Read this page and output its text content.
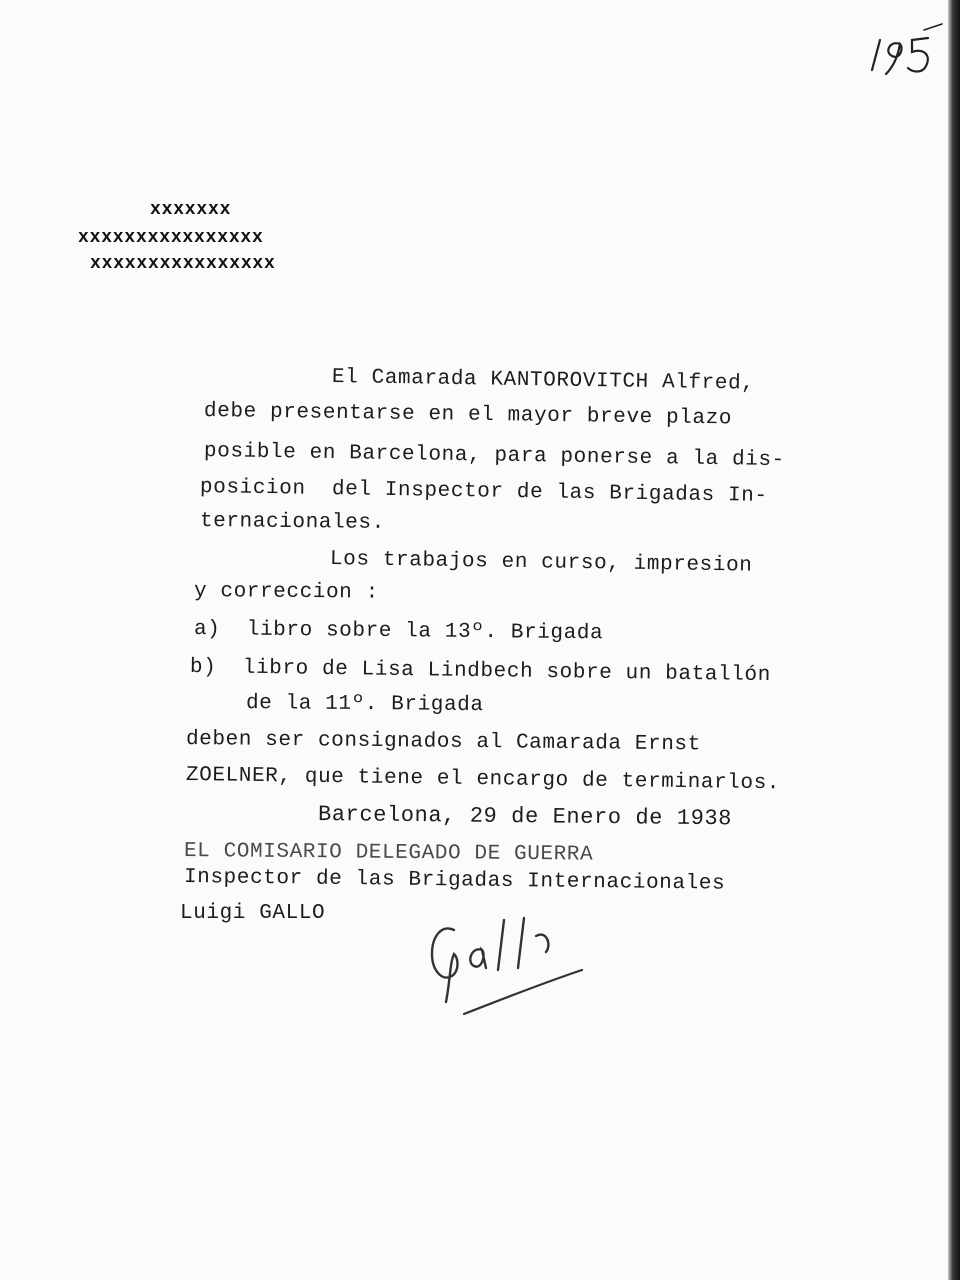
xxxxxxx
xxxxxxxxxxxxxxxx
xxxxxxxxxxxxxxxx
El Camarada KANTOROVITCH Alfred,
debe presentarse en el mayor breve plazo
posible en Barcelona, para ponerse a la dis-
posicion  del Inspector de las Brigadas In-
ternacionales.
Los trabajos en curso, impresion
y correccion :
a)  libro sobre la 13º. Brigada
b)  libro de Lisa Lindbech sobre un batallón
de la 11º. Brigada
deben ser consignados al Camarada Ernst
ZOELNER, que tiene el encargo de terminarlos.
Barcelona, 29 de Enero de 1938
EL COMISARIO DELEGADO DE GUERRA
Inspector de las Brigadas Internacionales
Luigi GALLO
